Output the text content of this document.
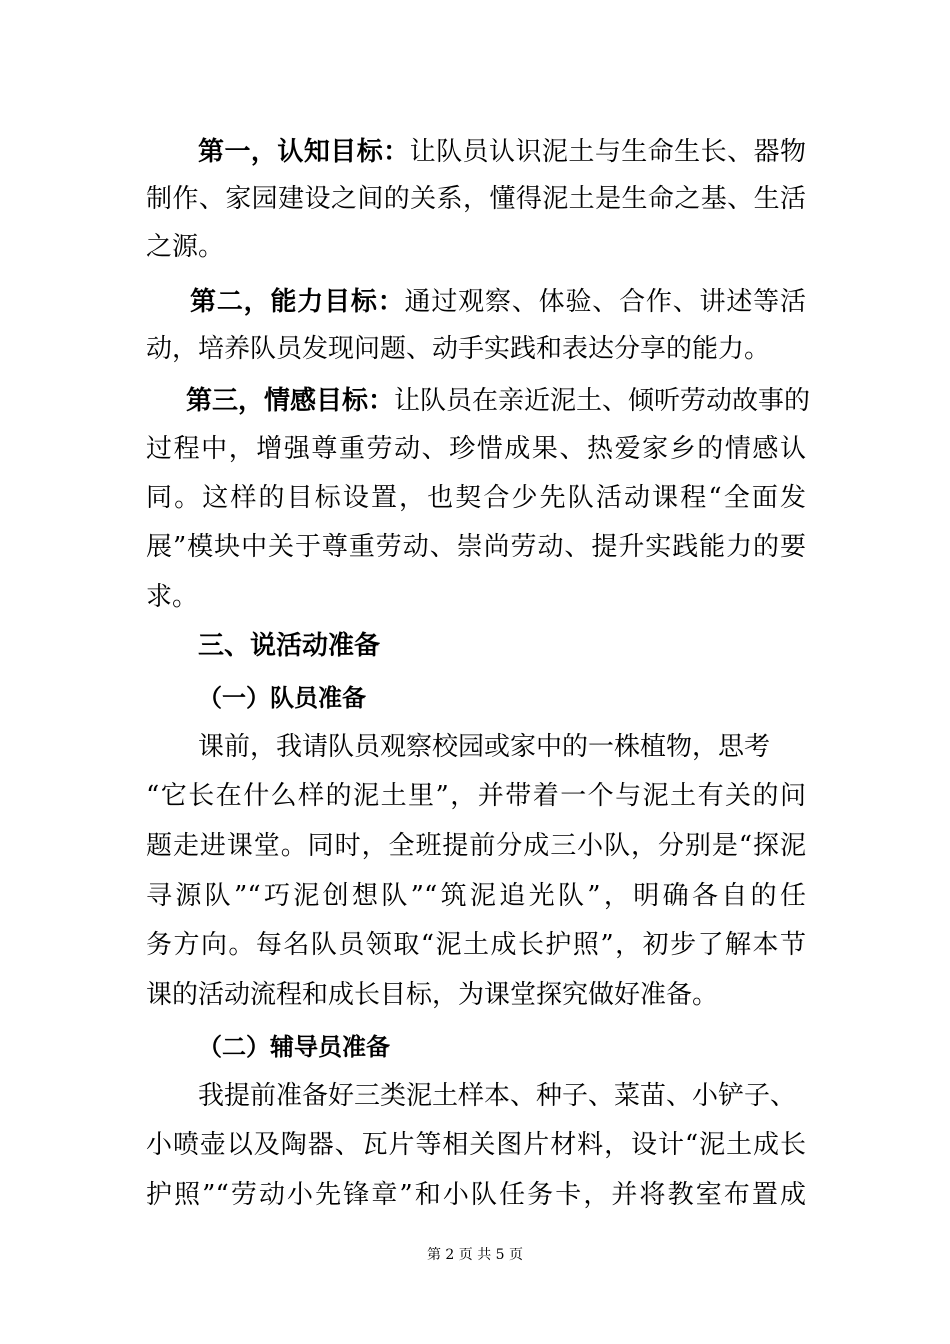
第一，认知目标：让队员认识泥土与生命生长、器物
制作、家园建设之间的关系，懂得泥土是生命之基、生活
之源。
第二，能力目标：通过观察、体验、合作、讲述等活
动，培养队员发现问题、动手实践和表达分享的能力。
第三，情感目标：让队员在亲近泥土、倾听劳动故事的
过程中，增强尊重劳动、珍惜成果、热爱家乡的情感认
同。这样的目标设置，也契合少先队活动课程“全面发
展”模块中关于尊重劳动、崇尚劳动、提升实践能力的要
求。
三、说活动准备
（一）队员准备
课前，我请队员观察校园或家中的一株植物，思考
“它长在什么样的泥土里”，并带着一个与泥土有关的问
题走进课堂。同时，全班提前分成三小队，分别是“探泥
寻源队”“巧泥创想队”“筑泥追光队”，明确各自的任
务方向。每名队员领取“泥土成长护照”，初步了解本节
课的活动流程和成长目标，为课堂探究做好准备。
（二）辅导员准备
我提前准备好三类泥土样本、种子、菜苗、小铲子、
小喷壶以及陶器、瓦片等相关图片材料，设计“泥土成长
护照”“劳动小先锋章”和小队任务卡，并将教室布置成
第 2 页 共 5 页
